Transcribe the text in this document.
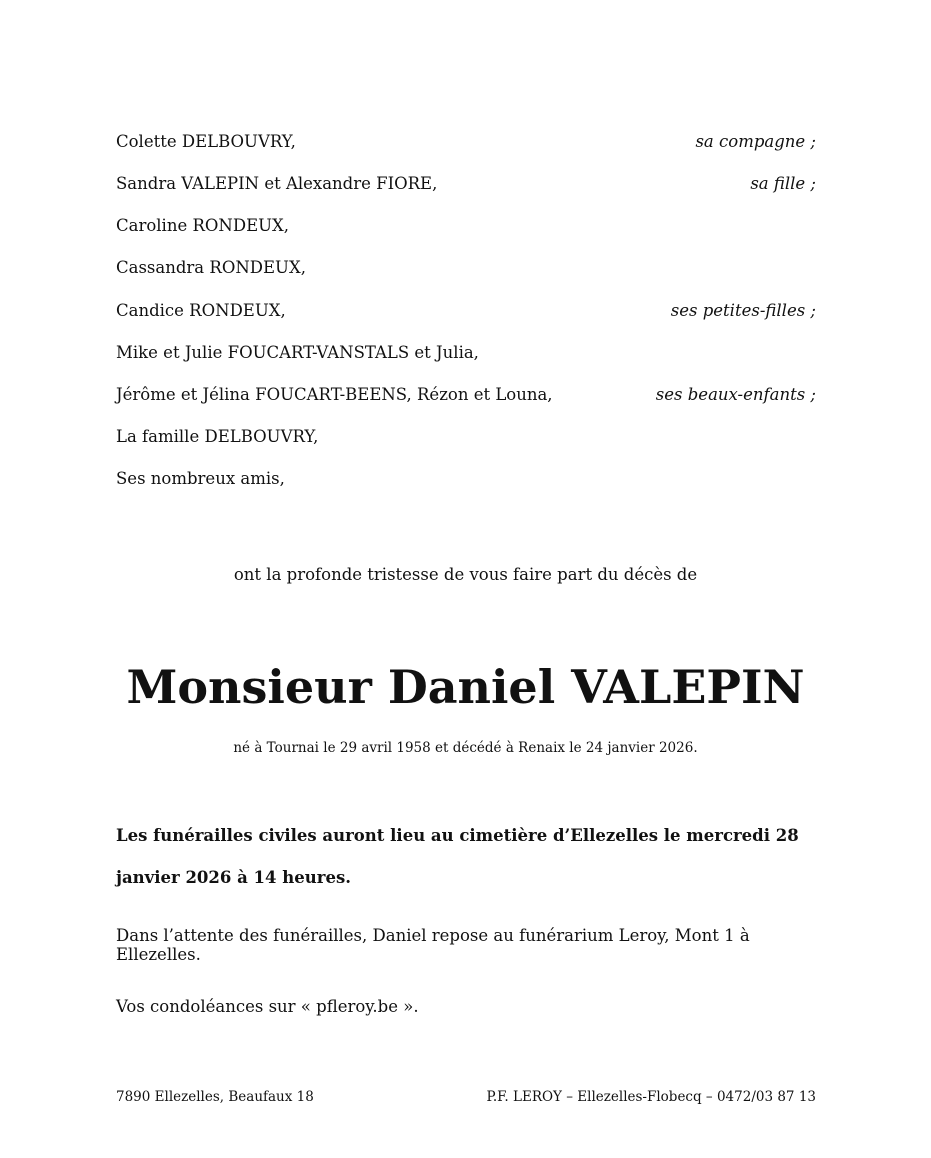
Colette DELBOUVRY,	sa compagne ;
Sandra VALEPIN et Alexandre FIORE,	sa fille ;
Caroline RONDEUX,
Cassandra RONDEUX,
Candice RONDEUX,	ses petites-filles ;
Mike et Julie FOUCART-VANSTALS et Julia,
Jérôme et Jélina FOUCART-BEENS, Rézon et Louna,	ses beaux-enfants ;
La famille DELBOUVRY,
Ses nombreux amis,
ont la profonde tristesse de vous faire part du décès de
Monsieur Daniel VALEPIN
né à Tournai le 29 avril 1958 et décédé à Renaix le 24 janvier 2026.
Les funérailles civiles auront lieu au cimetière d’Ellezelles le mercredi 28 janvier 2026 à 14 heures.
Dans l’attente des funérailles, Daniel repose au funérarium Leroy, Mont 1 à Ellezelles.
Vos condoléances sur « pfleroy.be ».
7890 Ellezelles, Beaufaux 18	P.F. LEROY – Ellezelles-Flobecq – 0472/03 87 13
